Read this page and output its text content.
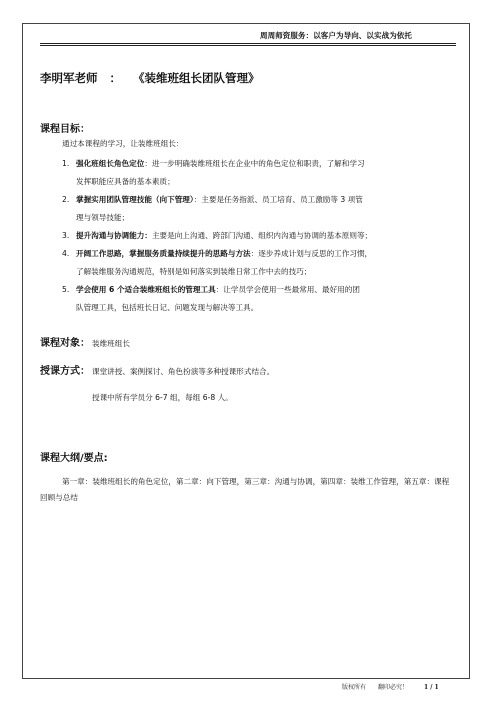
周周师资服务：以客户为导向、以实战为依托
李明军老师 ： 《装维班组长团队管理》
课程目标：
通过本课程的学习，让装维班组长：
1. 强化班组长角色定位：进一步明确装维班组长在企业中的角色定位和职责，了解和学习
发挥职能应具备的基本素质；
2. 掌握实用团队管理技能（向下管理）：主要是任务指派、员工培育、员工激励等 3 项管
理与领导技能；
3. 提升沟通与协调能力：主要是向上沟通、跨部门沟通、组织内沟通与协调的基本原则等；
4. 开阔工作思路，掌握服务质量持续提升的思路与方法：逐步养成计划与反思的工作习惯，
了解装维服务沟通规范，特别是如何落实到装维日常工作中去的技巧；
5. 学会使用 6 个适合装维班组长的管理工具：让学员学会使用一些最常用、最好用的团
队管理工具，包括班长日记、问题发现与解决等工具。
课程对象： 装维班组长
授课方式： 课堂讲授、案例探讨、角色扮演等多种授课形式结合。
授课中所有学员分 6-7 组，每组 6-8 人。
课程大纲/要点:
第一章：装维班组长的角色定位，第二章：向下管理，第三章：沟通与协调，第四章：装维工作管理，第五章：课程回顾与总结
版权所有　　翻印必究！	1 / 1
